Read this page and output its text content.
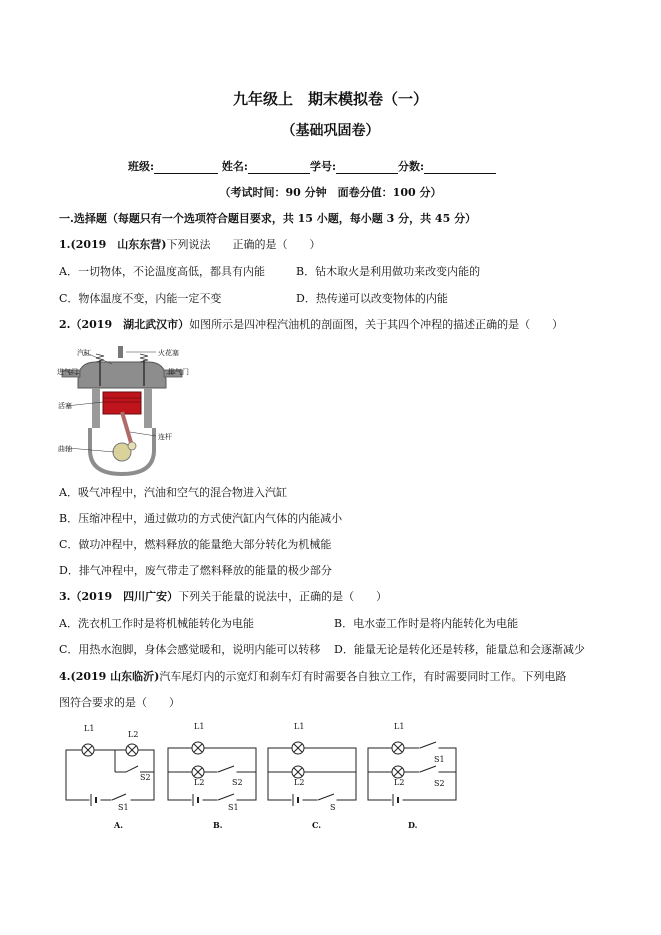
九年级上　期末模拟卷（一）
（基础巩固卷）
班级:	姓名:	学号:	分数:
（考试时间：90 分钟　面卷分值：100 分）
一.选择题（每题只有一个选项符合题目要求，共 15 小题，每小题 3 分，共 45 分）
1.(2019　山东东营)下列说法　　正确的是（　　）
A．一切物体，不论温度高低，都具有内能	B．钻木取火是利用做功来改变内能的
C．物体温度不变，内能一定不变	D．热传递可以改变物体的内能
2.（2019　湖北武汉市）如图所示是四冲程汽油机的剖面图，关于其四个冲程的描述正确的是（　　）
汽缸	火花塞
进气门	排气门
活塞
连杆
曲轴
A．吸气冲程中，汽油和空气的混合物进入汽缸
B．压缩冲程中，通过做功的方式使汽缸内气体的内能减小
C．做功冲程中，燃料释放的能量绝大部分转化为机械能
D．排气冲程中，废气带走了燃料释放的能量的极少部分
3.（2019　四川广安）下列关于能量的说法中，正确的是（　　）
A．洗衣机工作时是将机械能转化为电能	B．电水壶工作时是将内能转化为电能
C．用热水泡脚，身体会感觉暖和，说明内能可以转移 D．能量无论是转化还是转移，能量总和会逐渐减少
4.(2019 山东临沂)汽车尾灯内的示宽灯和刹车灯有时需要各自独立工作，有时需要同时工作。下列电路
图符合要求的是（　　）
L1
L2
S2
S1
A.
L1
L2	S2
S1
B.
L1
L2
S
C.
L1
L2
S1
S2
D.
